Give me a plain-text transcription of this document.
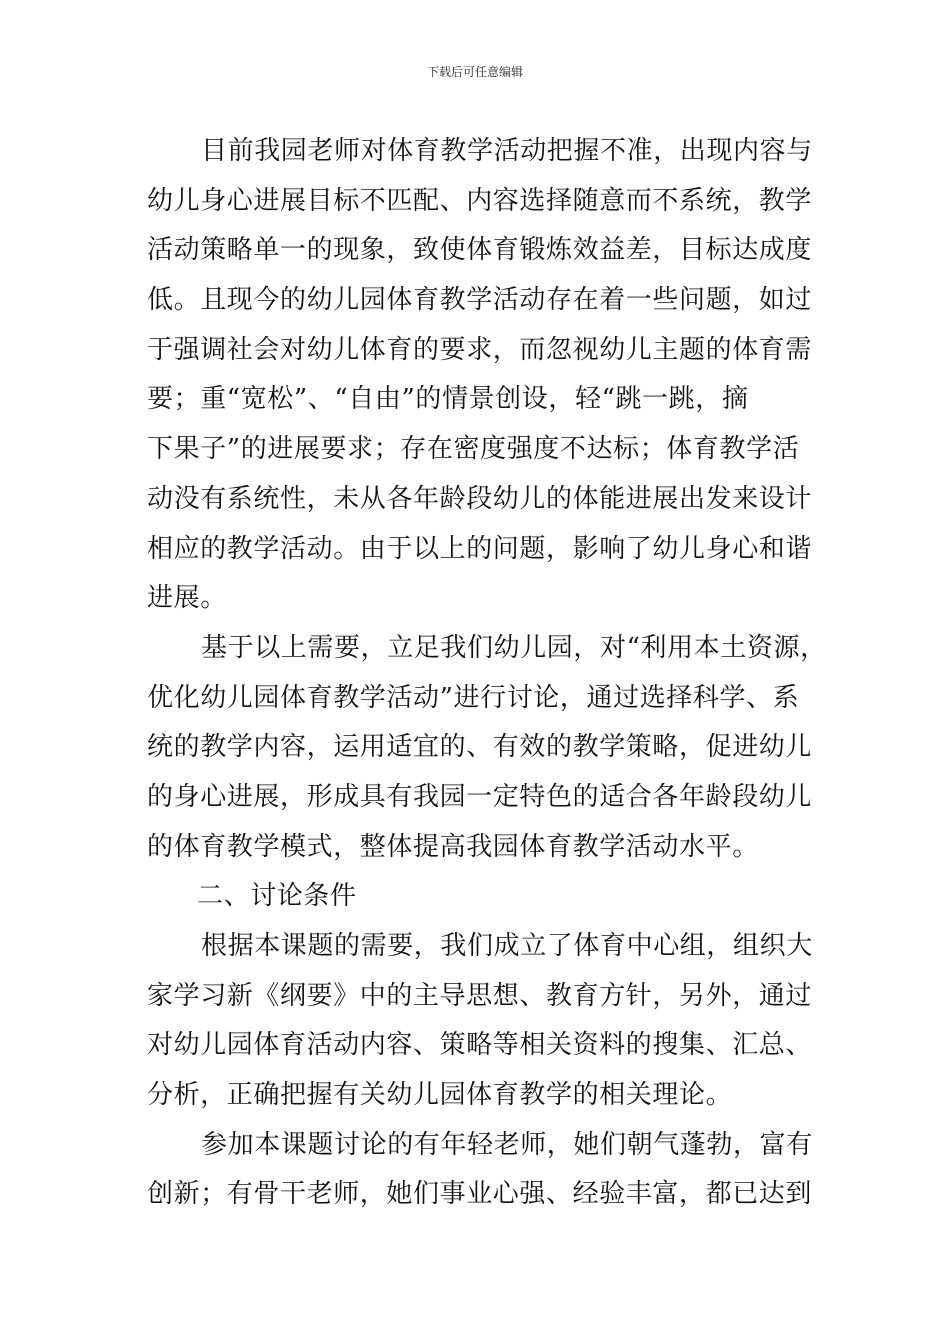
下载后可任意编辑
目前我园老师对体育教学活动把握不准，出现内容与
幼儿身心进展目标不匹配、内容选择随意而不系统，教学
活动策略单一的现象，致使体育锻炼效益差，目标达成度
低。且现今的幼儿园体育教学活动存在着一些问题，如过
于强调社会对幼儿体育的要求，而忽视幼儿主题的体育需
要；重“宽松”、“自由”的情景创设，轻“跳一跳，摘
下果子”的进展要求；存在密度强度不达标；体育教学活
动没有系统性，未从各年龄段幼儿的体能进展出发来设计
相应的教学活动。由于以上的问题，影响了幼儿身心和谐
进展。
基于以上需要，立足我们幼儿园，对“利用本土资源，
优化幼儿园体育教学活动”进行讨论，通过选择科学、系
统的教学内容，运用适宜的、有效的教学策略，促进幼儿
的身心进展，形成具有我园一定特色的适合各年龄段幼儿
的体育教学模式，整体提高我园体育教学活动水平。
二、讨论条件
根据本课题的需要，我们成立了体育中心组，组织大
家学习新《纲要》中的主导思想、教育方针，另外，通过
对幼儿园体育活动内容、策略等相关资料的搜集、汇总、
分析，正确把握有关幼儿园体育教学的相关理论。
参加本课题讨论的有年轻老师，她们朝气蓬勃，富有
创新；有骨干老师，她们事业心强、经验丰富，都已达到
